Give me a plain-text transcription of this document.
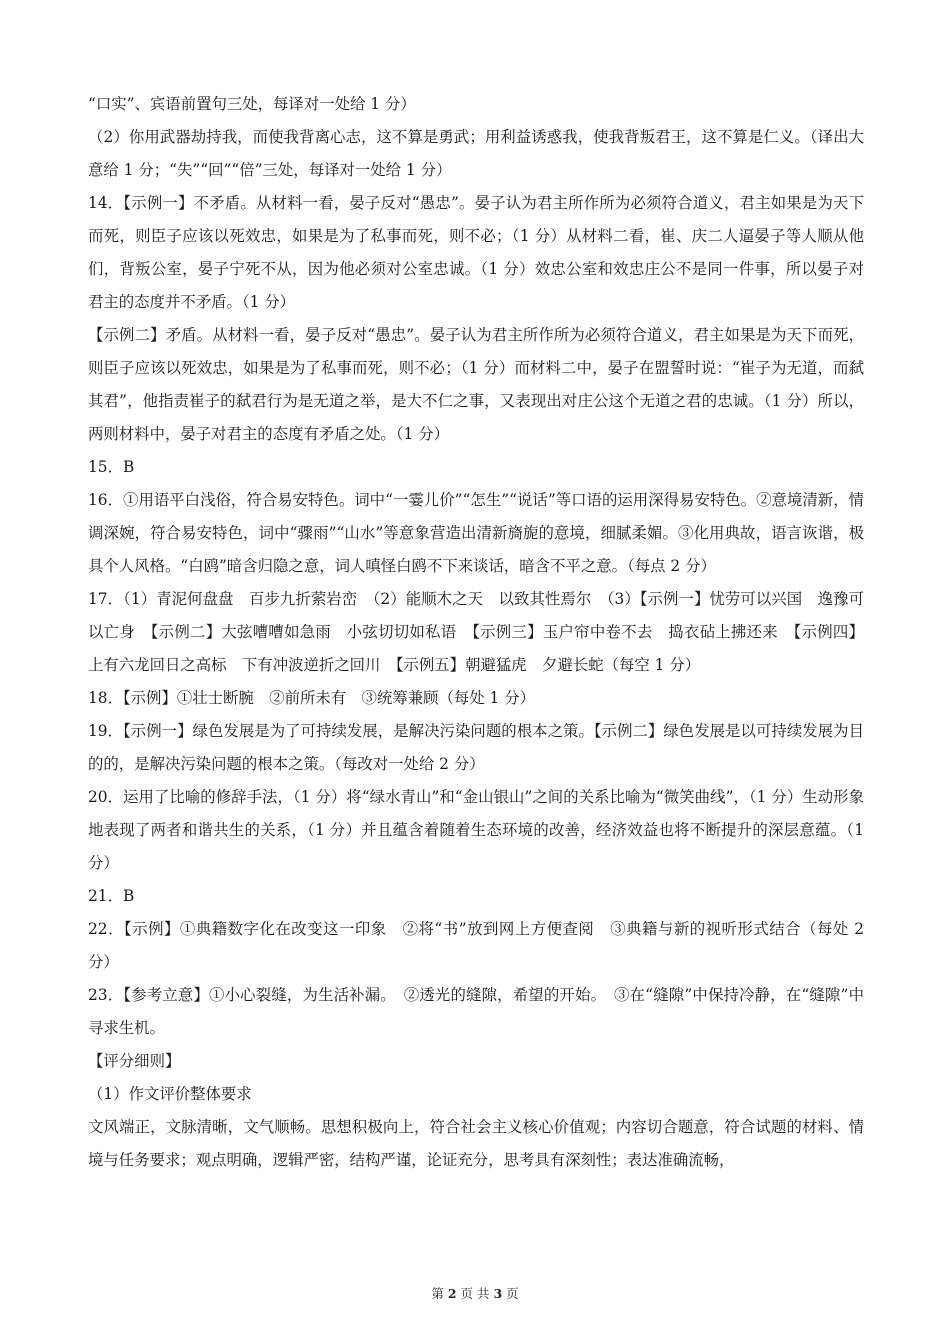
“口实”、宾语前置句三处，每译对一处给 1 分）

（2）你用武器劫持我，而使我背离心志，这不算是勇武；用利益诱惑我，使我背叛君王，这不算是仁义。（译出大意给 1 分；“失”“回”“倍”三处，每译对一处给 1 分）

14．【示例一】不矛盾。从材料一看，晏子反对“愚忠”。晏子认为君主所作所为必须符合道义，君主如果是为天下而死，则臣子应该以死效忠，如果是为了私事而死，则不必；（1 分）从材料二看，崔、庆二人逼晏子等人顺从他们，背叛公室，晏子宁死不从，因为他必须对公室忠诚。（1 分）效忠公室和效忠庄公不是同一件事，所以晏子对君主的态度并不矛盾。（1 分）

【示例二】矛盾。从材料一看，晏子反对“愚忠”。晏子认为君主所作所为必须符合道义，君主如果是为天下而死，则臣子应该以死效忠，如果是为了私事而死，则不必；（1 分）而材料二中，晏子在盟誓时说：“崔子为无道，而弑其君”，他指责崔子的弑君行为是无道之举，是大不仁之事，又表现出对庄公这个无道之君的忠诚。（1 分）所以，两则材料中，晏子对君主的态度有矛盾之处。（1 分）

15．B

16．①用语平白浅俗，符合易安特色。词中“一霎儿价”“怎生”“说话”等口语的运用深得易安特色。②意境清新，情调深婉，符合易安特色，词中“骤雨”“山水”等意象营造出清新旖旎的意境，细腻柔媚。③化用典故，语言诙谐，极具个人风格。“白鸥”暗含归隐之意，词人嗔怪白鸥不下来谈话，暗含不平之意。（每点 2 分）

17．（1）青泥何盘盘　百步九折萦岩峦　（2）能顺木之天　以致其性焉尔　（3）【示例一】忧劳可以兴国　逸豫可以亡身　【示例二】大弦嘈嘈如急雨　小弦切切如私语　【示例三】玉户帘中卷不去　捣衣砧上拂还来　【示例四】上有六龙回日之高标　下有冲波逆折之回川　【示例五】朝避猛虎　夕避长蛇（每空 1 分）

18．【示例】①壮士断腕　②前所未有　③统筹兼顾（每处 1 分）

19．【示例一】绿色发展是为了可持续发展，是解决污染问题的根本之策。【示例二】绿色发展是以可持续发展为目的的，是解决污染问题的根本之策。（每改对一处给 2 分）

20．运用了比喻的修辞手法，（1 分）将“绿水青山”和“金山银山”之间的关系比喻为“微笑曲线”，（1 分）生动形象地表现了两者和谐共生的关系，（1 分）并且蕴含着随着生态环境的改善，经济效益也将不断提升的深层意蕴。（1 分）

21．B

22．【示例】①典籍数字化在改变这一印象　②将“书”放到网上方便查阅　③典籍与新的视听形式结合（每处 2 分）

23．【参考立意】①小心裂缝，为生活补漏。　②透光的缝隙，希望的开始。　③在“缝隙”中保持冷静，在“缝隙”中寻求生机。

【评分细则】

（1）作文评价整体要求

文风端正，文脉清晰，文气顺畅。思想积极向上，符合社会主义核心价值观；内容切合题意，符合试题的材料、情境与任务要求；观点明确，逻辑严密，结构严谨，论证充分，思考具有深刻性；表达准确流畅，

第 2 页 共 3 页
